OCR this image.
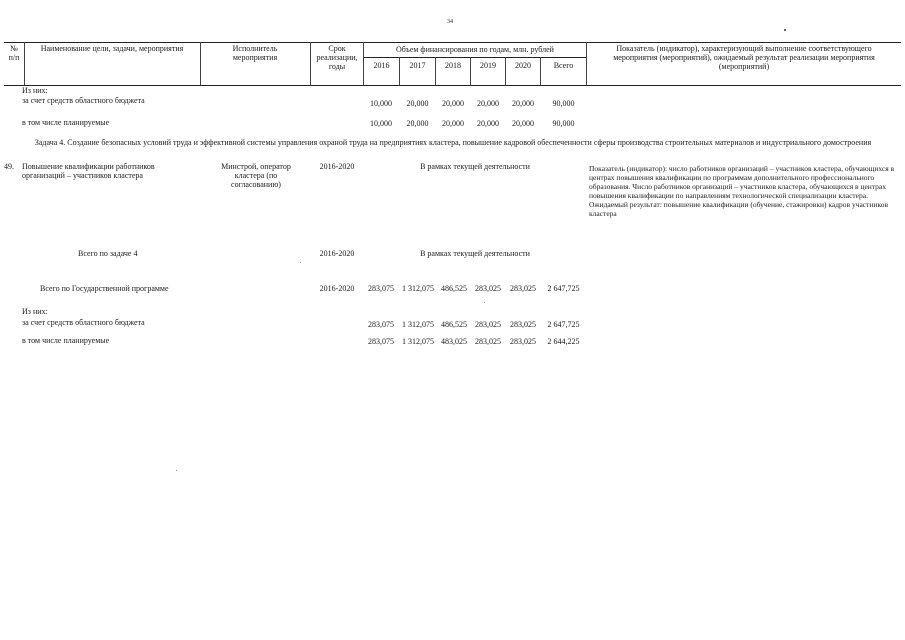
34
№
п/п
Наименование цели, задачи, мероприятия	Исполнитель
мероприятия
Срок
реализации,
годы
Объем финансирования по годам, млн. рублей
2016	2017	2018	2019	2020	Всего
Показатель (индикатор), характеризующий выполнение соответствующего мероприятия (мероприятий), ожидаемый результат реализации мероприятия (мероприятий)
Из них:
за счет средств областного бюджета	10,000	20,000	20,000	20,000	20,000	90,000
в том числе планируемые	10,000	20,000	20,000	20,000	20,000	90,000
Задача 4. Создание безопасных условий труда и эффективной системы управления охраной труда на предприятиях кластера, повышение кадровой обеспеченности сферы производства строительных материалов и индустриального домостроения
49. Повышение квалификации работников организаций – участников кластера
Минстрой, оператор кластера (по согласованию)
2016-2020	В рамках текущей деятельности	Показатель (индикатор): число работников организаций – участников кластера, обучающихся в центрах повышения квалификации по программам дополнительного профессионального образования. Число работников организаций – участников кластера, обучающихся в центрах повышения квалификации по направлениям технологической специализации кластера. Ожидаемый результат: повышение квалификации (обучение, стажировки) кадров участников кластера
Всего по задаче 4	2016-2020	В рамках текущей деятельности
Всего по Государственной программе	2016-2020	283,075	1 312,075 486,525	283,025	283,025	2 647,725
Из них:
за счет средств областного бюджета	283,075	1 312,075 486,525	283,025	283,025	2 647,725
в том числе планируемые	283,075	1 312,075 483,025	283,025	283,025	2 644,225
